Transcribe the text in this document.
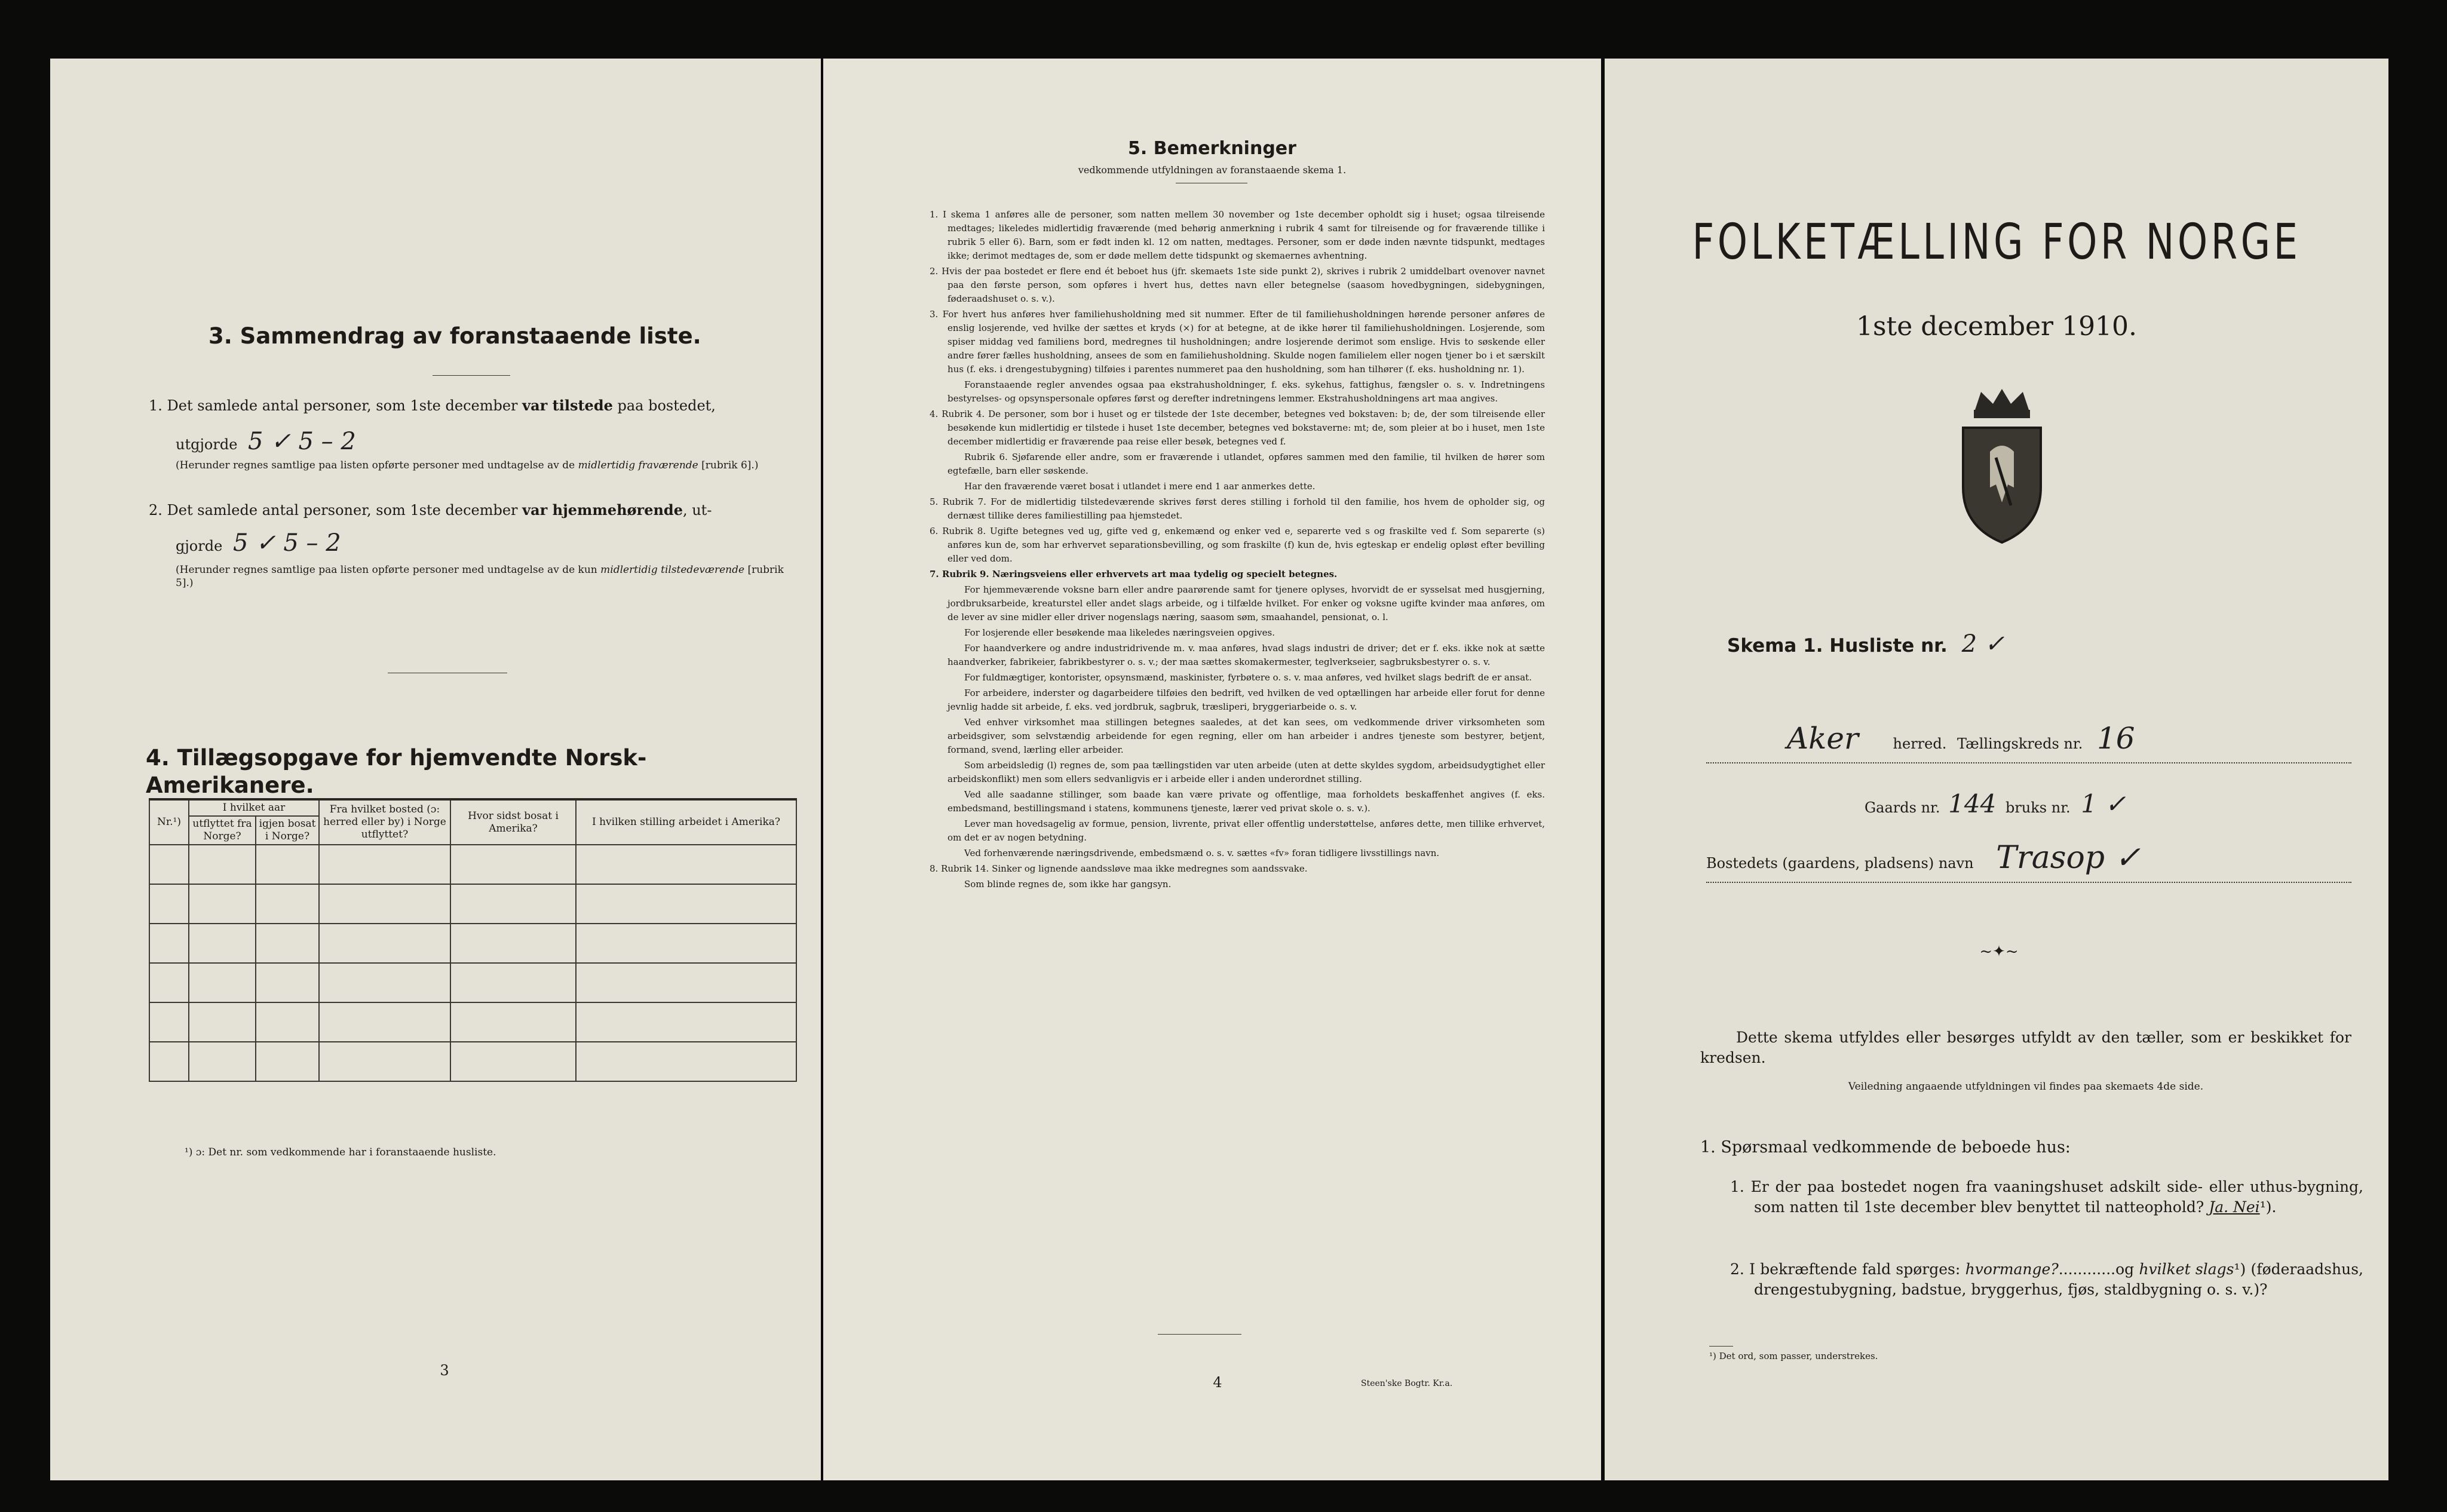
3. Sammendrag av foranstaaende liste.
1. Det samlede antal personer, som 1ste december var tilstede paa bostedet,
utgjorde 5 ✓ 5 – 2
(Herunder regnes samtlige paa listen opførte personer med undtagelse av de midlertidig fraværende [rubrik 6].)
2. Det samlede antal personer, som 1ste december var hjemmehørende, ut-
gjorde 5 ✓ 5 – 2
(Herunder regnes samtlige paa listen opførte personer med undtagelse av de kun midlertidig tilstedeværende [rubrik 5].)
4. Tillægsopgave for hjemvendte Norsk-Amerikanere.
Nr.¹)	I hvilket aar		Fra hvilket bosted (ɔ: herred eller by) i Norge utflyttet?	Hvor sidst bosat i Amerika?	I hvilken stilling arbeidet i Amerika?
	utflyttet fra Norge?	igjen bosat i Norge?			

¹) ɔ: Det nr. som vedkommende har i foranstaaende husliste.
3
5. Bemerkninger
vedkommende utfyldningen av foranstaaende skema 1.

1. I skema 1 anføres alle de personer, som natten mellem 30 november og 1ste december opholdt sig i huset; ogsaa tilreisende medtages; likeledes midlertidig fraværende (med behørig anmerkning i rubrik 4 samt for tilreisende og for fraværende tillike i rubrik 5 eller 6). Barn, som er født inden kl. 12 om natten, medtages. Personer, som er døde inden nævnte tidspunkt, medtages ikke; derimot medtages de, som er døde mellem dette tidspunkt og skemaernes avhentning.

2. Hvis der paa bostedet er flere end ét beboet hus (jfr. skemaets 1ste side punkt 2), skrives i rubrik 2 umiddelbart ovenover navnet paa den første person, som opføres i hvert hus, dettes navn eller betegnelse (saasom hovedbygningen, sidebygningen, føderaadshuset o. s. v.).

3. For hvert hus anføres hver familiehusholdning med sit nummer. Efter de til familiehusholdningen hørende personer anføres de enslig losjerende, ved hvilke der sættes et kryds (×) for at betegne, at de ikke hører til familiehusholdningen. Losjerende, som spiser middag ved familiens bord, medregnes til husholdningen; andre losjerende derimot som enslige. Hvis to søskende eller andre fører fælles husholdning, ansees de som en familiehusholdning. Skulde nogen familielem eller nogen tjener bo i et særskilt hus (f. eks. i drengestubygning) tilføies i parentes nummeret paa den husholdning, som han tilhører (f. eks. husholdning nr. 1).

Foranstaaende regler anvendes ogsaa paa ekstrahusholdninger, f. eks. sykehus, fattighus, fængsler o. s. v. Indretningens bestyrelses- og opsynspersonale opføres først og derefter indretningens lemmer. Ekstrahusholdningens art maa angives.

4. Rubrik 4. De personer, som bor i huset og er tilstede der 1ste december, betegnes ved bokstaven: b; de, der som tilreisende eller besøkende kun midlertidig er tilstede i huset 1ste december, betegnes ved bokstaverne: mt; de, som pleier at bo i huset, men 1ste december midlertidig er fraværende paa reise eller besøk, betegnes ved f.

Rubrik 6. Sjøfarende eller andre, som er fraværende i utlandet, opføres sammen med den familie, til hvilken de hører som egtefælle, barn eller søskende.

Har den fraværende været bosat i utlandet i mere end 1 aar anmerkes dette.

5. Rubrik 7. For de midlertidig tilstedeværende skrives først deres stilling i forhold til den familie, hos hvem de opholder sig, og dernæst tillike deres familiestilling paa hjemstedet.

6. Rubrik 8. Ugifte betegnes ved ug, gifte ved g, enkemænd og enker ved e, separerte ved s og fraskilte ved f. Som separerte (s) anføres kun de, som har erhvervet separationsbevilling, og som fraskilte (f) kun de, hvis egteskap er endelig opløst efter bevilling eller ved dom.

7. Rubrik 9. Næringsveiens eller erhvervets art maa tydelig og specielt betegnes.

For hjemmeværende voksne barn eller andre paarørende samt for tjenere oplyses, hvorvidt de er sysselsat med husgjerning, jordbruksarbeide, kreaturstel eller andet slags arbeide, og i tilfælde hvilket. For enker og voksne ugifte kvinder maa anføres, om de lever av sine midler eller driver nogenslags næring, saasom søm, smaahandel, pensionat, o. l.

For losjerende eller besøkende maa likeledes næringsveien opgives.

For haandverkere og andre industridrivende m. v. maa anføres, hvad slags industri de driver; det er f. eks. ikke nok at sætte haandverker, fabrikeier, fabrikbestyrer o. s. v.; der maa sættes skomakermester, teglverkseier, sagbruksbestyrer o. s. v.

For fuldmægtiger, kontorister, opsynsmænd, maskinister, fyrbøtere o. s. v. maa anføres, ved hvilket slags bedrift de er ansat.

For arbeidere, inderster og dagarbeidere tilføies den bedrift, ved hvilken de ved optællingen har arbeide eller forut for denne jevnlig hadde sit arbeide, f. eks. ved jordbruk, sagbruk, træsliperi, bryggeriarbeide o. s. v.

Ved enhver virksomhet maa stillingen betegnes saaledes, at det kan sees, om vedkommende driver virksomheten som arbeidsgiver, som selvstændig arbeidende for egen regning, eller om han arbeider i andres tjeneste som bestyrer, betjent, formand, svend, lærling eller arbeider.

Som arbeidsledig (l) regnes de, som paa tællingstiden var uten arbeide (uten at dette skyldes sygdom, arbeidsudygtighet eller arbeidskonflikt) men som ellers sedvanligvis er i arbeide eller i anden underordnet stilling.

Ved alle saadanne stillinger, som baade kan være private og offentlige, maa forholdets beskaffenhet angives (f. eks. embedsmand, bestillingsmand i statens, kommunens tjeneste, lærer ved privat skole o. s. v.).

Lever man hovedsagelig av formue, pension, livrente, privat eller offentlig understøttelse, anføres dette, men tillike erhvervet, om det er av nogen betydning.

Ved forhenværende næringsdrivende, embedsmænd o. s. v. sættes «fv» foran tidligere livsstillings navn.

8. Rubrik 14. Sinker og lignende aandssløve maa ikke medregnes som aandssvake.

Som blinde regnes de, som ikke har gangsyn.

4	Steen'ske Bogtr. Kr.a.
FOLKETÆLLING FOR NORGE
1ste december 1910.
Skema 1. Husliste nr. 2 ✓
Aker herred. Tællingskreds nr. 16
Gaards nr. 144 bruks nr. 1 ✓
Bostedets (gaardens, pladsens) navn Trasop ✓
~✦~
Dette skema utfyldes eller besørges utfyldt av den tæller, som er beskikket for kredsen.
Veiledning angaaende utfyldningen vil findes paa skemaets 4de side.
1. Spørsmaal vedkommende de beboede hus:
1. Er der paa bostedet nogen fra vaaningshuset adskilt side- eller uthus-bygning, som natten til 1ste december blev benyttet til natteophold? Ja. Nei¹).
2. I bekræftende fald spørges: hvormange?............og hvilket slags¹) (føderaadshus, drengestubygning, badstue, bryggerhus, fjøs, staldbygning o. s. v.)?
¹) Det ord, som passer, understrekes.
